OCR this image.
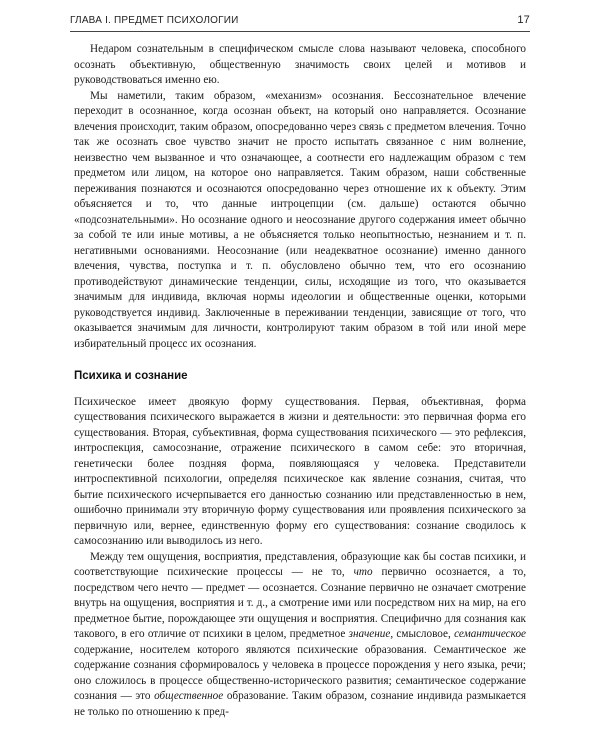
ГЛАВА I. ПРЕДМЕТ ПСИХОЛОГИИ	17

Недаром сознательным в специфическом смысле слова называют человека, способного осознать объективную, общественную значимость своих целей и мотивов и руководствоваться именно ею.

Мы наметили, таким образом, «механизм» осознания. Бессознательное влечение переходит в осознанное, когда осознан объект, на который оно направляется. Осознание влечения происходит, таким образом, опосредованно через связь с предметом влечения. Точно так же осознать свое чувство значит не просто испытать связанное с ним волнение, неизвестно чем вызванное и что означающее, а соотнести его надлежащим образом с тем предметом или лицом, на которое оно направляется. Таким образом, наши собственные переживания познаются и осознаются опосредованно через отношение их к объекту. Этим объясняется и то, что данные интроцепции (см. дальше) остаются обычно «подсознательными». Но осознание одного и неосознание другого содержания имеет обычно за собой те или иные мотивы, а не объясняется только неопытностью, незнанием и т. п. негативными основаниями. Неосознание (или неадекватное осознание) именно данного влечения, чувства, поступка и т. п. обусловлено обычно тем, что его осознанию противодействуют динамические тенденции, силы, исходящие из того, что оказывается значимым для индивида, включая нормы идеологии и общественные оценки, которыми руководствуется индивид. Заключенные в переживании тенденции, зависящие от того, что оказывается значимым для личности, контролируют таким образом в той или иной мере избирательный процесс их осознания.

Психика и сознание

Психическое имеет двоякую форму существования. Первая, объективная, форма существования психического выражается в жизни и деятельности: это первичная форма его существования. Вторая, субъективная, форма существования психического — это рефлексия, интроспекция, самосознание, отражение психического в самом себе: это вторичная, генетически более поздняя форма, появляющаяся у человека. Представители интроспективной психологии, определяя психическое как явление сознания, считая, что бытие психического исчерпывается его данностью сознанию или представленностью в нем, ошибочно принимали эту вторичную форму существования или проявления психического за первичную или, вернее, единственную форму его существования: сознание сводилось к самосознанию или выводилось из него.

Между тем ощущения, восприятия, представления, образующие как бы состав психики, и соответствующие психические процессы — не то, что первично осознается, а то, посредством чего нечто — предмет — осознается. Сознание первично не означает смотрение внутрь на ощущения, восприятия и т. д., а смотрение ими или посредством них на мир, на его предметное бытие, порождающее эти ощущения и восприятия. Специфично для сознания как такового, в его отличие от психики в целом, предметное значение, смысловое, семантическое содержание, носителем которого являются психические образования. Семантическое же содержание сознания сформировалось у человека в процессе порождения у него языка, речи; оно сложилось в процессе общественно-исторического развития; семантическое содержание сознания — это общественное образование. Таким образом, сознание индивида размыкается не только по отношению к пред-
